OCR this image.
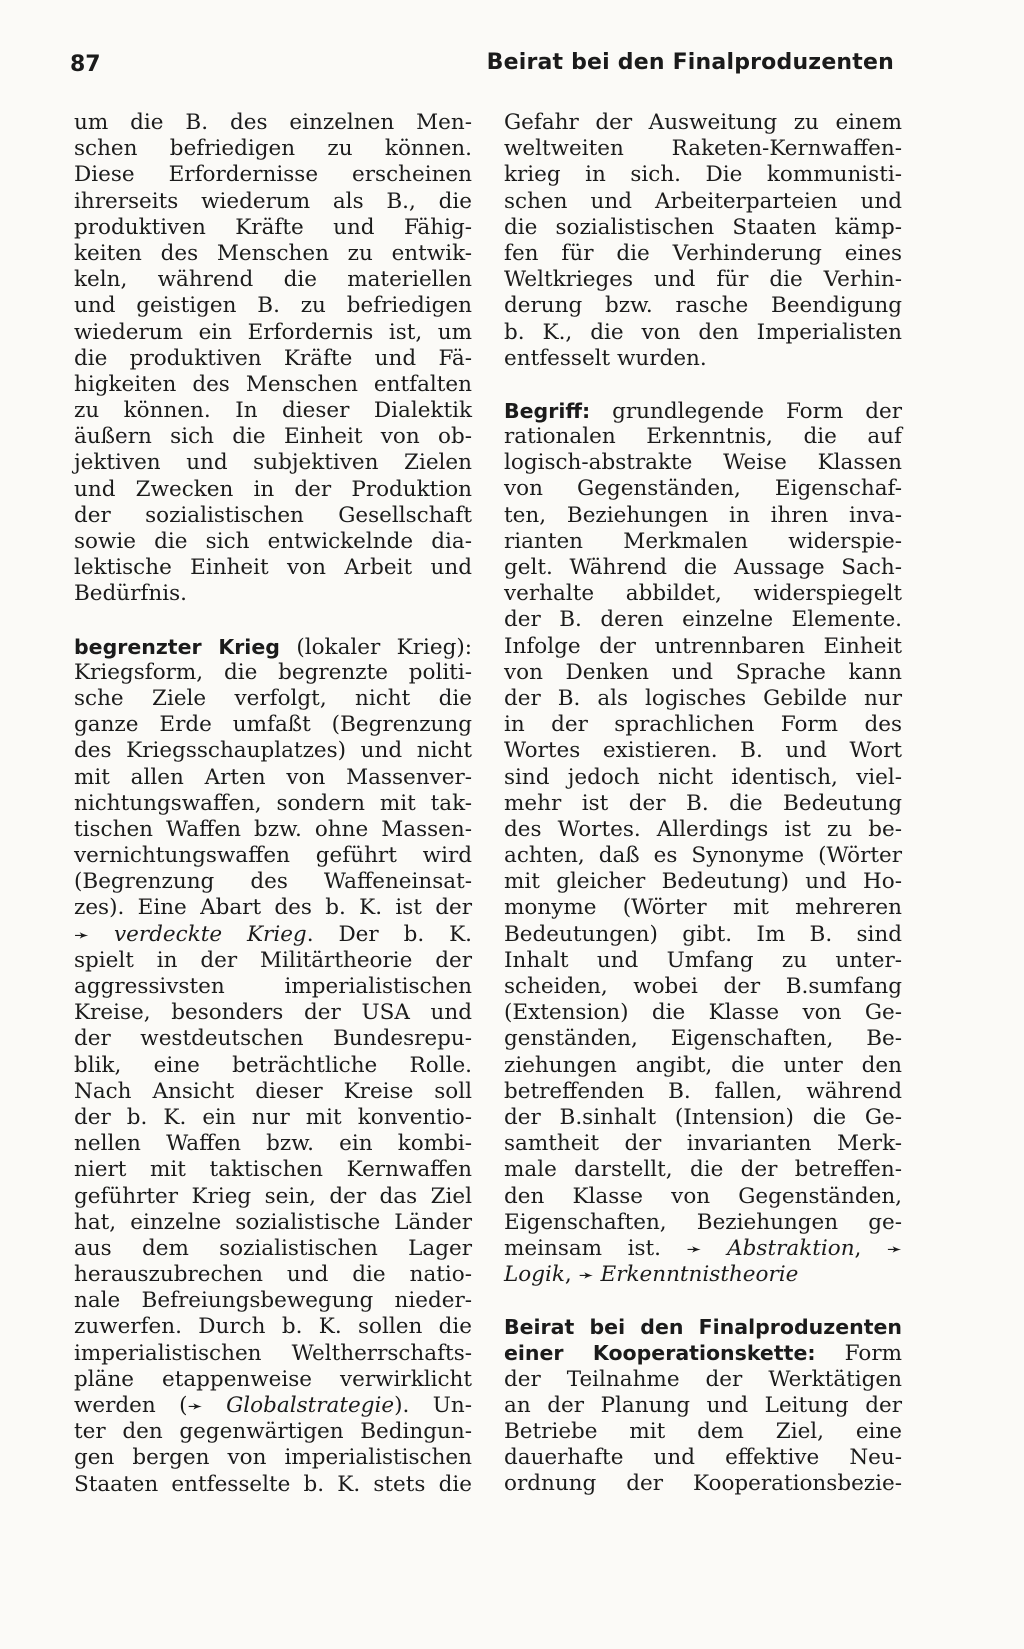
87	Beirat bei den Finalproduzenten
um die B. des einzelnen Men-
schen befriedigen zu können.
Diese Erfordernisse erscheinen
ihrerseits wiederum als B., die
produktiven Kräfte und Fähig-
keiten des Menschen zu entwik-
keln, während die materiellen
und geistigen B. zu befriedigen
wiederum ein Erfordernis ist, um
die produktiven Kräfte und Fä-
higkeiten des Menschen entfalten
zu können. In dieser Dialektik
äußern sich die Einheit von ob-
jektiven und subjektiven Zielen
und Zwecken in der Produktion
der sozialistischen Gesellschaft
sowie die sich entwickelnde dia-
lektische Einheit von Arbeit und
Bedürfnis.
begrenzter Krieg (lokaler Krieg):
Kriegsform, die begrenzte politi-
sche Ziele verfolgt, nicht die
ganze Erde umfaßt (Begrenzung
des Kriegsschauplatzes) und nicht
mit allen Arten von Massenver-
nichtungswaffen, sondern mit tak-
tischen Waffen bzw. ohne Massen-
vernichtungswaffen geführt wird
(Begrenzung des Waffeneinsat-
zes). Eine Abart des b. K. ist der
➛ verdeckte Krieg. Der b. K.
spielt in der Militärtheorie der
aggressivsten imperialistischen
Kreise, besonders der USA und
der westdeutschen Bundesrepu-
blik, eine beträchtliche Rolle.
Nach Ansicht dieser Kreise soll
der b. K. ein nur mit konventio-
nellen Waffen bzw. ein kombi-
niert mit taktischen Kernwaffen
geführter Krieg sein, der das Ziel
hat, einzelne sozialistische Länder
aus dem sozialistischen Lager
herauszubrechen und die natio-
nale Befreiungsbewegung nieder-
zuwerfen. Durch b. K. sollen die
imperialistischen Weltherrschafts-
pläne etappenweise verwirklicht
werden (➛ Globalstrategie). Un-
ter den gegenwärtigen Bedingun-
gen bergen von imperialistischen
Staaten entfesselte b. K. stets die
Gefahr der Ausweitung zu einem
weltweiten Raketen-Kernwaffen-
krieg in sich. Die kommunisti-
schen und Arbeiterparteien und
die sozialistischen Staaten kämp-
fen für die Verhinderung eines
Weltkrieges und für die Verhin-
derung bzw. rasche Beendigung
b. K., die von den Imperialisten
entfesselt wurden.
Begriff: grundlegende Form der
rationalen Erkenntnis, die auf
logisch-abstrakte Weise Klassen
von Gegenständen, Eigenschaf-
ten, Beziehungen in ihren inva-
rianten Merkmalen widerspie-
gelt. Während die Aussage Sach-
verhalte abbildet, widerspiegelt
der B. deren einzelne Elemente.
Infolge der untrennbaren Einheit
von Denken und Sprache kann
der B. als logisches Gebilde nur
in der sprachlichen Form des
Wortes existieren. B. und Wort
sind jedoch nicht identisch, viel-
mehr ist der B. die Bedeutung
des Wortes. Allerdings ist zu be-
achten, daß es Synonyme (Wörter
mit gleicher Bedeutung) und Ho-
monyme (Wörter mit mehreren
Bedeutungen) gibt. Im B. sind
Inhalt und Umfang zu unter-
scheiden, wobei der B.sumfang
(Extension) die Klasse von Ge-
genständen, Eigenschaften, Be-
ziehungen angibt, die unter den
betreffenden B. fallen, während
der B.sinhalt (Intension) die Ge-
samtheit der invarianten Merk-
male darstellt, die der betreffen-
den Klasse von Gegenständen,
Eigenschaften, Beziehungen ge-
meinsam ist. ➛ Abstraktion, ➛
Logik, ➛ Erkenntnistheorie
Beirat bei den Finalproduzenten
einer Kooperationskette: Form
der Teilnahme der Werktätigen
an der Planung und Leitung der
Betriebe mit dem Ziel, eine
dauerhafte und effektive Neu-
ordnung der Kooperationsbezie-
